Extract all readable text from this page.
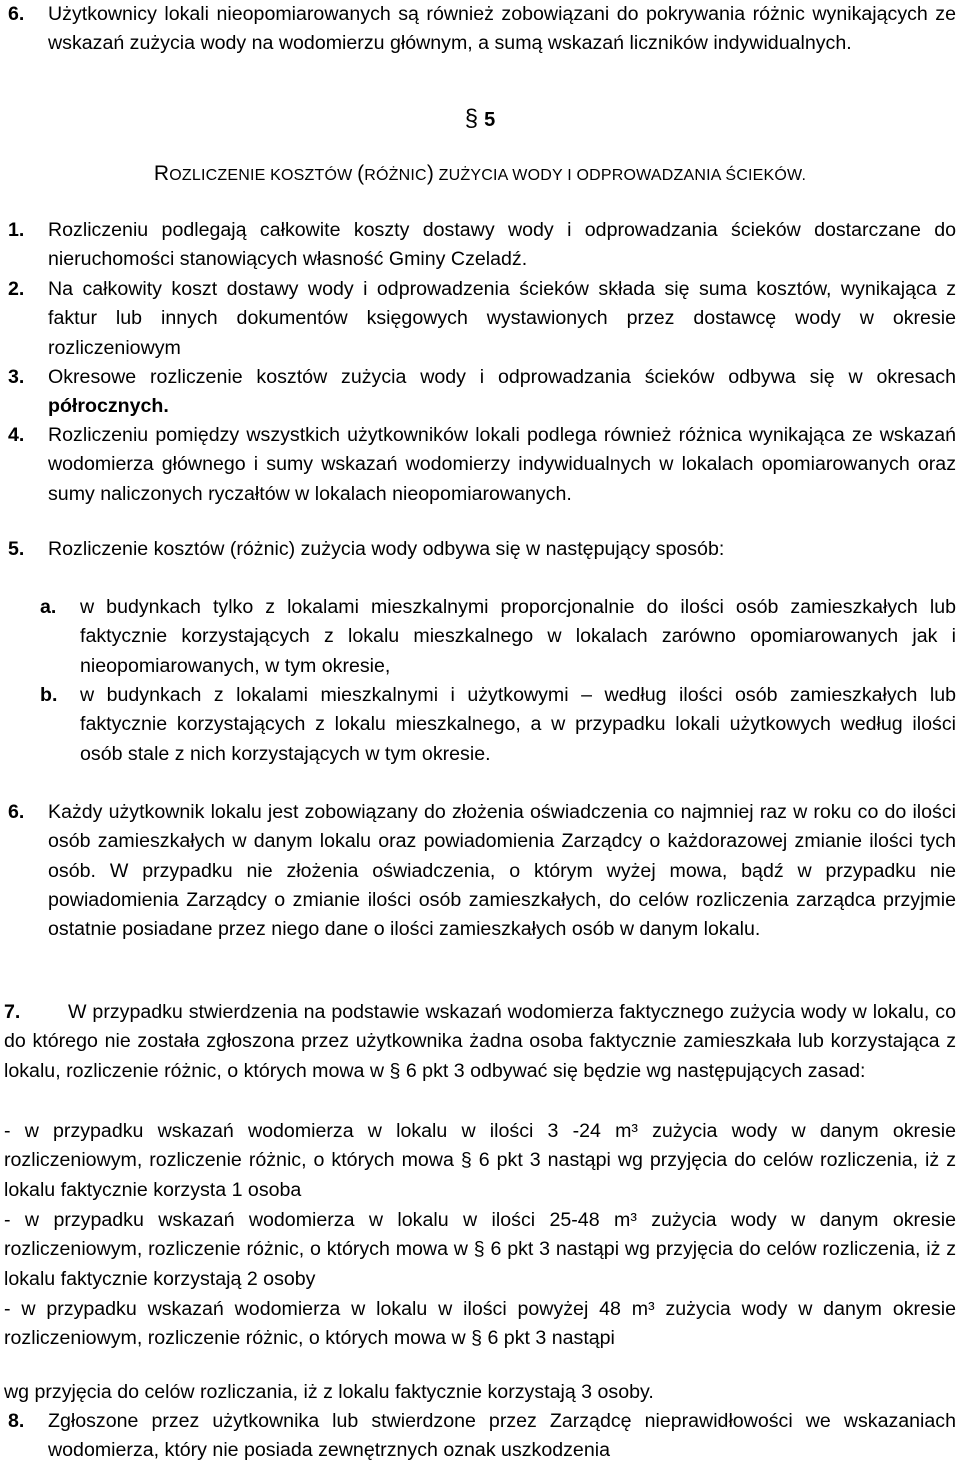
6.	Użytkownicy lokali nieopomiarowanych są również zobowiązani do pokrywania różnic wynikających ze wskazań zużycia wody na wodomierzu głównym, a sumą wskazań liczników indywidualnych.
§ 5
ROZLICZENIE KOSZTÓW (RÓŻNIC) ZUŻYCIA WODY I ODPROWADZANIA ŚCIEKÓW.
1.	Rozliczeniu podlegają całkowite koszty dostawy wody i odprowadzania ścieków dostarczane do nieruchomości stanowiących własność Gminy Czeladź.
2.	Na całkowity koszt dostawy wody i odprowadzenia ścieków składa się suma kosztów, wynikająca z faktur lub innych dokumentów księgowych wystawionych przez dostawcę wody w okresie rozliczeniowym
3.	Okresowe rozliczenie kosztów zużycia wody i odprowadzania ścieków odbywa się w okresach półrocznych.
4.	Rozliczeniu pomiędzy wszystkich użytkowników lokali podlega również różnica wynikająca ze wskazań wodomierza głównego i sumy wskazań wodomierzy indywidualnych w lokalach opomiarowanych oraz sumy naliczonych ryczałtów w lokalach nieopomiarowanych.
5.	Rozliczenie kosztów (różnic) zużycia wody odbywa się w następujący sposób:
a.	w budynkach tylko z lokalami mieszkalnymi proporcjonalnie do ilości osób zamieszkałych lub faktycznie korzystających z lokalu mieszkalnego w lokalach zarówno opomiarowanych jak i nieopomiarowanych, w tym okresie,
b.	w budynkach z lokalami mieszkalnymi i użytkowymi – według ilości osób zamieszkałych lub faktycznie korzystających z lokalu mieszkalnego, a w przypadku lokali użytkowych według ilości osób stale z nich korzystających w tym okresie.
6.	Każdy użytkownik lokalu jest zobowiązany do złożenia oświadczenia co najmniej raz w roku co do ilości osób zamieszkałych w danym lokalu oraz powiadomienia Zarządcy o każdorazowej zmianie ilości tych osób. W przypadku nie złożenia oświadczenia, o którym wyżej mowa, bądź w przypadku nie powiadomienia Zarządcy o zmianie ilości osób zamieszkałych, do celów rozliczenia zarządca przyjmie ostatnie posiadane przez niego dane o ilości zamieszkałych osób w danym lokalu.
7. W przypadku stwierdzenia na podstawie wskazań wodomierza faktycznego zużycia wody w lokalu, co do którego nie została zgłoszona przez użytkownika żadna osoba faktycznie zamieszkała lub korzystająca z lokalu, rozliczenie różnic, o których mowa w § 6 pkt 3 odbywać się będzie wg następujących zasad:
- w przypadku wskazań wodomierza w lokalu w ilości 3 -24 m³ zużycia wody w danym okresie rozliczeniowym, rozliczenie różnic, o których mowa § 6 pkt 3 nastąpi wg przyjęcia do celów rozliczenia, iż z lokalu faktycznie korzysta 1 osoba
- w przypadku wskazań wodomierza w lokalu w ilości 25-48 m³ zużycia wody w danym okresie rozliczeniowym, rozliczenie różnic, o których mowa w § 6 pkt 3 nastąpi wg przyjęcia do celów rozliczenia, iż z lokalu faktycznie korzystają 2 osoby
- w przypadku wskazań wodomierza w lokalu w ilości powyżej 48 m³ zużycia wody w danym okresie rozliczeniowym, rozliczenie różnic, o których mowa w § 6 pkt 3 nastąpi
wg przyjęcia do celów rozliczania, iż z lokalu faktycznie korzystają 3 osoby.
8.	Zgłoszone przez użytkownika lub stwierdzone przez Zarządcę nieprawidłowości we wskazaniach wodomierza, który nie posiada zewnętrznych oznak uszkodzenia
